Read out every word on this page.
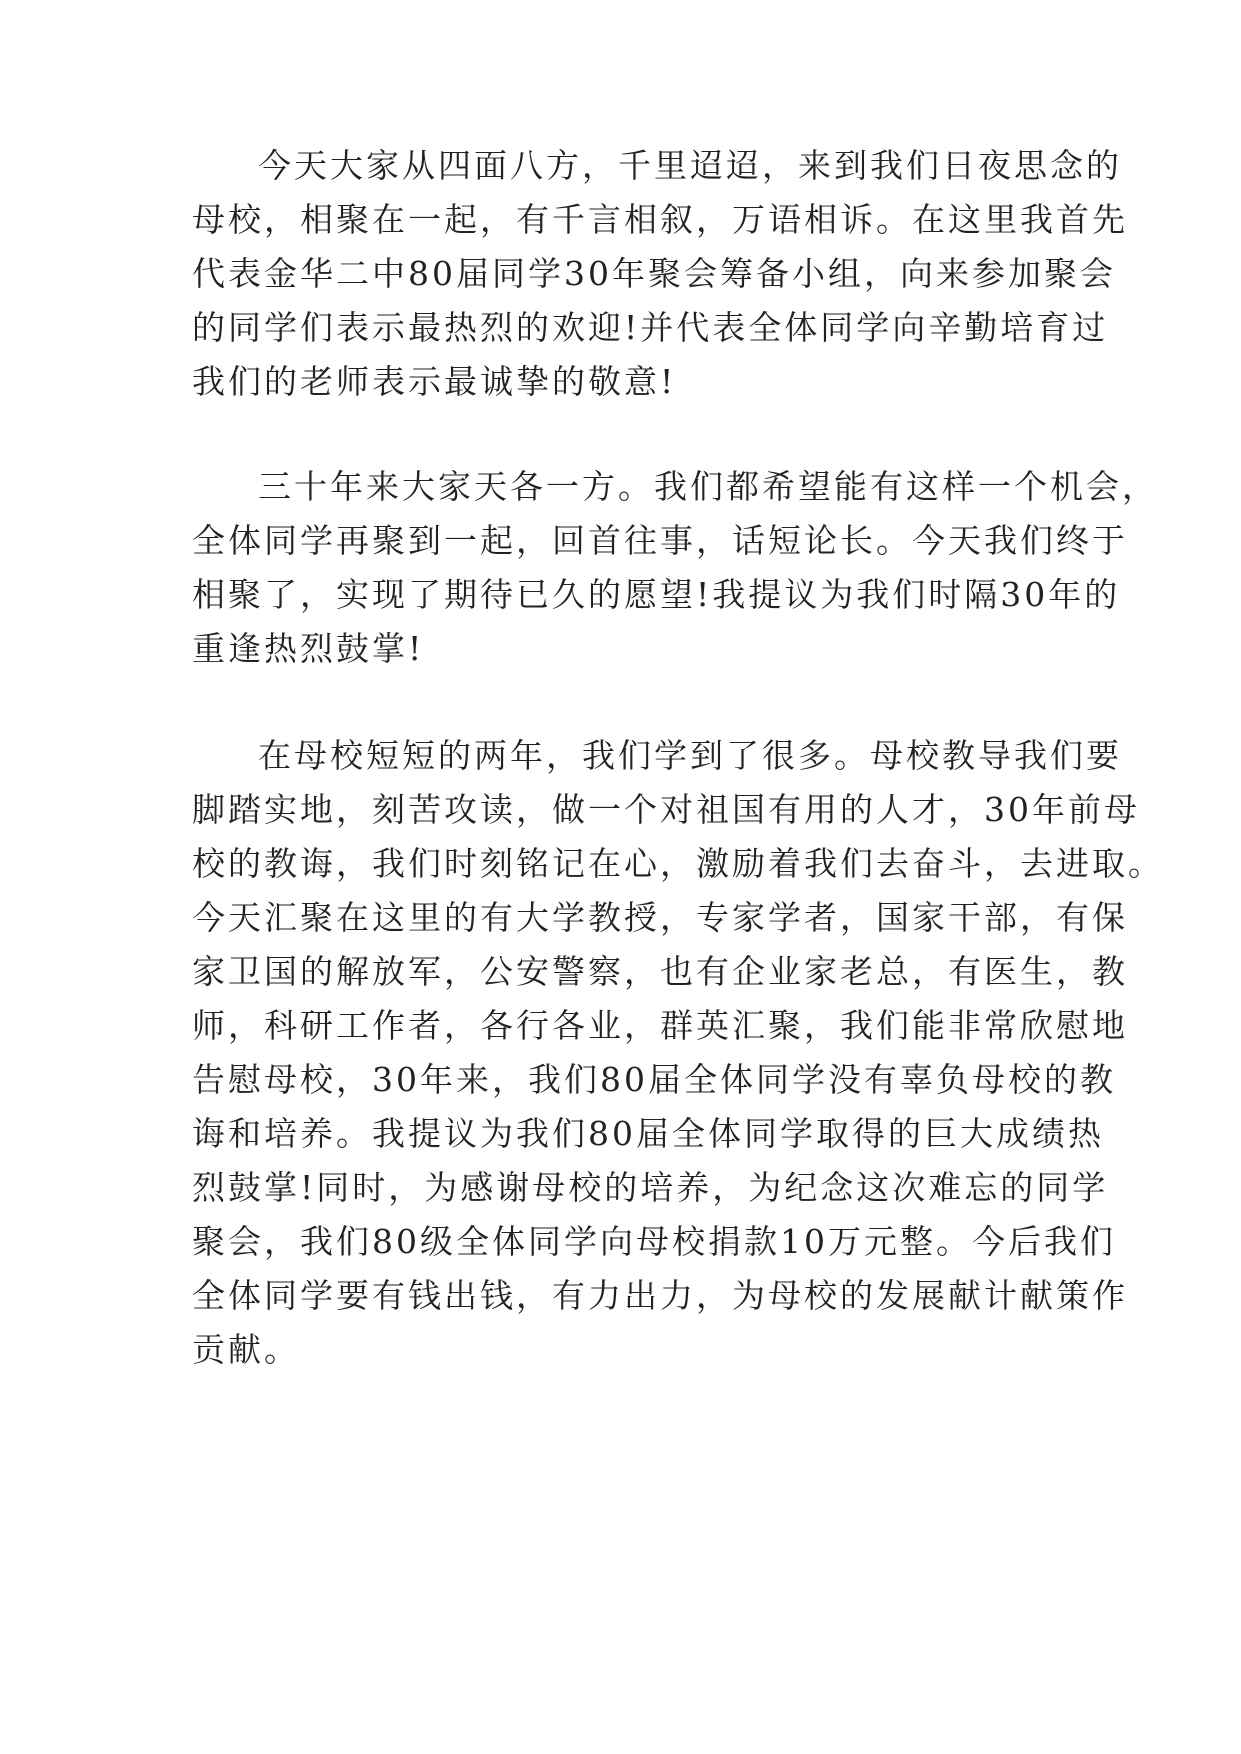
今天大家从四面八方，千里迢迢，来到我们日夜思念的

母校，相聚在一起，有千言相叙，万语相诉。在这里我首先

代表金华二中80届同学30年聚会筹备小组，向来参加聚会

的同学们表示最热烈的欢迎!并代表全体同学向辛勤培育过

我们的老师表示最诚挚的敬意!

三十年来大家天各一方。我们都希望能有这样一个机会，

全体同学再聚到一起，回首往事，话短论长。今天我们终于

相聚了，实现了期待已久的愿望!我提议为我们时隔30年的

重逢热烈鼓掌!

在母校短短的两年，我们学到了很多。母校教导我们要

脚踏实地，刻苦攻读，做一个对祖国有用的人才，30年前母

校的教诲，我们时刻铭记在心，激励着我们去奋斗，去进取。

今天汇聚在这里的有大学教授，专家学者，国家干部，有保

家卫国的解放军，公安警察，也有企业家老总，有医生，教

师，科研工作者，各行各业，群英汇聚，我们能非常欣慰地

告慰母校，30年来，我们80届全体同学没有辜负母校的教

诲和培养。我提议为我们80届全体同学取得的巨大成绩热

烈鼓掌!同时，为感谢母校的培养，为纪念这次难忘的同学

聚会，我们80级全体同学向母校捐款10万元整。今后我们

全体同学要有钱出钱，有力出力，为母校的发展献计献策作

贡献。
